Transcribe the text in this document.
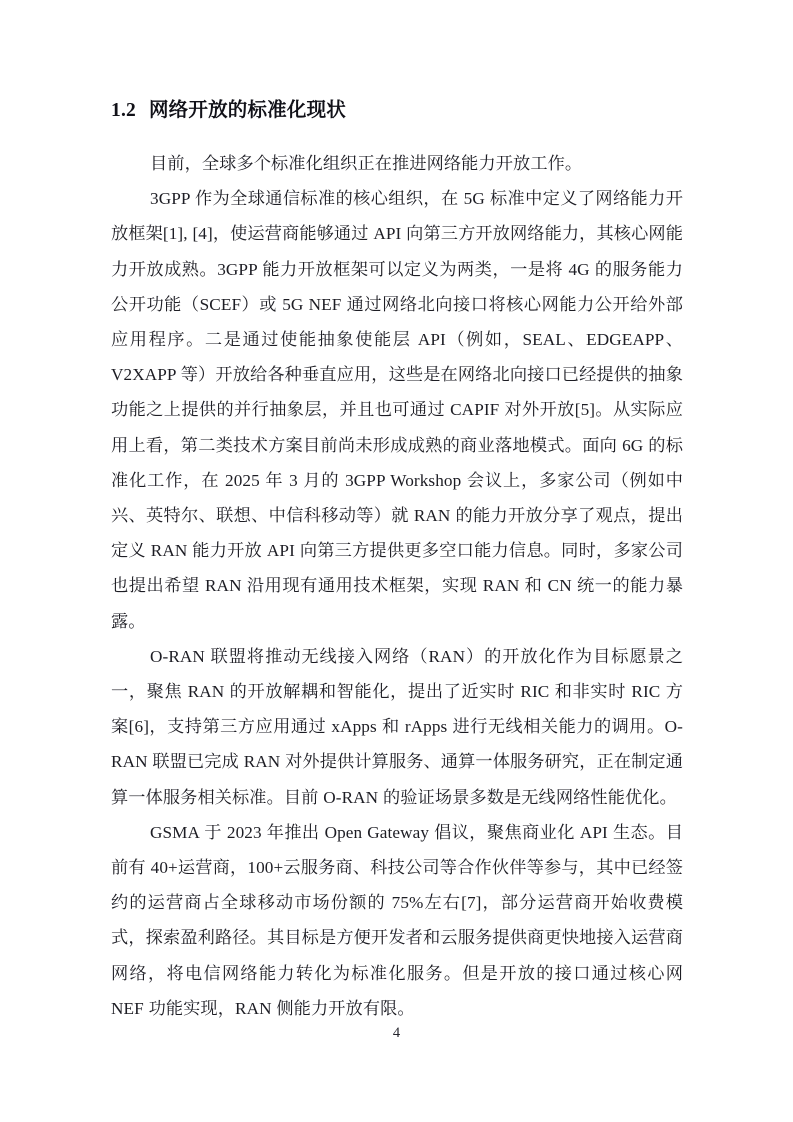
1.2 网络开放的标准化现状

目前，全球多个标准化组织正在推进网络能力开放工作。

3GPP 作为全球通信标准的核心组织，在 5G 标准中定义了网络能力开放框架[1], [4]，使运营商能够通过 API 向第三方开放网络能力，其核心网能力开放成熟。3GPP 能力开放框架可以定义为两类，一是将 4G 的服务能力公开功能（SCEF）或 5G NEF 通过网络北向接口将核心网能力公开给外部应用程序。二是通过使能抽象使能层 API（例如，SEAL、EDGEAPP、V2XAPP 等）开放给各种垂直应用，这些是在网络北向接口已经提供的抽象功能之上提供的并行抽象层，并且也可通过 CAPIF 对外开放[5]。从实际应用上看，第二类技术方案目前尚未形成成熟的商业落地模式。面向 6G 的标准化工作，在 2025 年 3 月的 3GPP Workshop 会议上，多家公司（例如中兴、英特尔、联想、中信科移动等）就 RAN 的能力开放分享了观点，提出定义 RAN 能力开放 API 向第三方提供更多空口能力信息。同时，多家公司也提出希望 RAN 沿用现有通用技术框架，实现 RAN 和 CN 统一的能力暴露。

O-RAN 联盟将推动无线接入网络（RAN）的开放化作为目标愿景之一，聚焦 RAN 的开放解耦和智能化，提出了近实时 RIC 和非实时 RIC 方案[6]，支持第三方应用通过 xApps 和 rApps 进行无线相关能力的调用。O-RAN 联盟已完成 RAN 对外提供计算服务、通算一体服务研究，正在制定通算一体服务相关标准。目前 O-RAN 的验证场景多数是无线网络性能优化。

GSMA 于 2023 年推出 Open Gateway 倡议，聚焦商业化 API 生态。目前有 40+运营商，100+云服务商、科技公司等合作伙伴等参与，其中已经签约的运营商占全球移动市场份额的 75%左右[7]，部分运营商开始收费模式，探索盈利路径。其目标是方便开发者和云服务提供商更快地接入运营商网络，将电信网络能力转化为标准化服务。但是开放的接口通过核心网 NEF 功能实现，RAN 侧能力开放有限。

4
